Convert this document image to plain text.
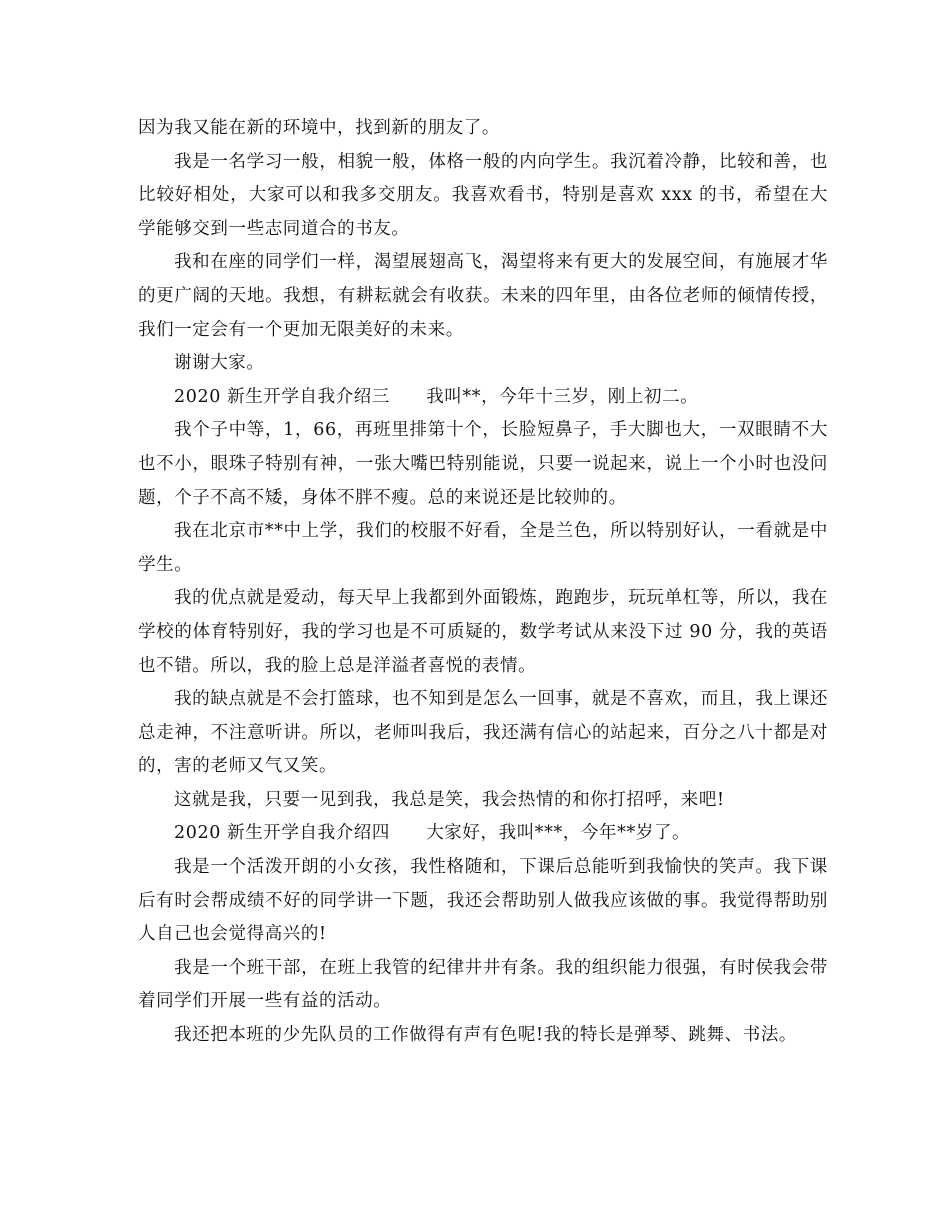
因为我又能在新的环境中，找到新的朋友了。

我是一名学习一般，相貌一般，体格一般的内向学生。我沉着冷静，比较和善，也比较好相处，大家可以和我多交朋友。我喜欢看书，特别是喜欢 xxx 的书，希望在大学能够交到一些志同道合的书友。

我和在座的同学们一样，渴望展翅高飞，渴望将来有更大的发展空间，有施展才华的更广阔的天地。我想，有耕耘就会有收获。未来的四年里，由各位老师的倾情传授，我们一定会有一个更加无限美好的未来。

谢谢大家。

2020 新生开学自我介绍三　　我叫**，今年十三岁，刚上初二。

我个子中等，1，66，再班里排第十个，长脸短鼻子，手大脚也大，一双眼睛不大也不小，眼珠子特别有神，一张大嘴巴特别能说，只要一说起来，说上一个小时也没问题，个子不高不矮，身体不胖不瘦。总的来说还是比较帅的。

我在北京市**中上学，我们的校服不好看，全是兰色，所以特别好认，一看就是中学生。

我的优点就是爱动，每天早上我都到外面锻炼，跑跑步，玩玩单杠等，所以，我在学校的体育特别好，我的学习也是不可质疑的，数学考试从来没下过 90 分，我的英语也不错。所以，我的脸上总是洋溢者喜悦的表情。

我的缺点就是不会打篮球，也不知到是怎么一回事，就是不喜欢，而且，我上课还总走神，不注意听讲。所以，老师叫我后，我还满有信心的站起来，百分之八十都是对的，害的老师又气又笑。

这就是我，只要一见到我，我总是笑，我会热情的和你打招呼，来吧!

2020 新生开学自我介绍四　　大家好，我叫***，今年**岁了。

我是一个活泼开朗的小女孩，我性格随和，下课后总能听到我愉快的笑声。我下课后有时会帮成绩不好的同学讲一下题，我还会帮助别人做我应该做的事。我觉得帮助别人自己也会觉得高兴的!

我是一个班干部，在班上我管的纪律井井有条。我的组织能力很强，有时侯我会带着同学们开展一些有益的活动。

我还把本班的少先队员的工作做得有声有色呢!我的特长是弹琴、跳舞、书法。
